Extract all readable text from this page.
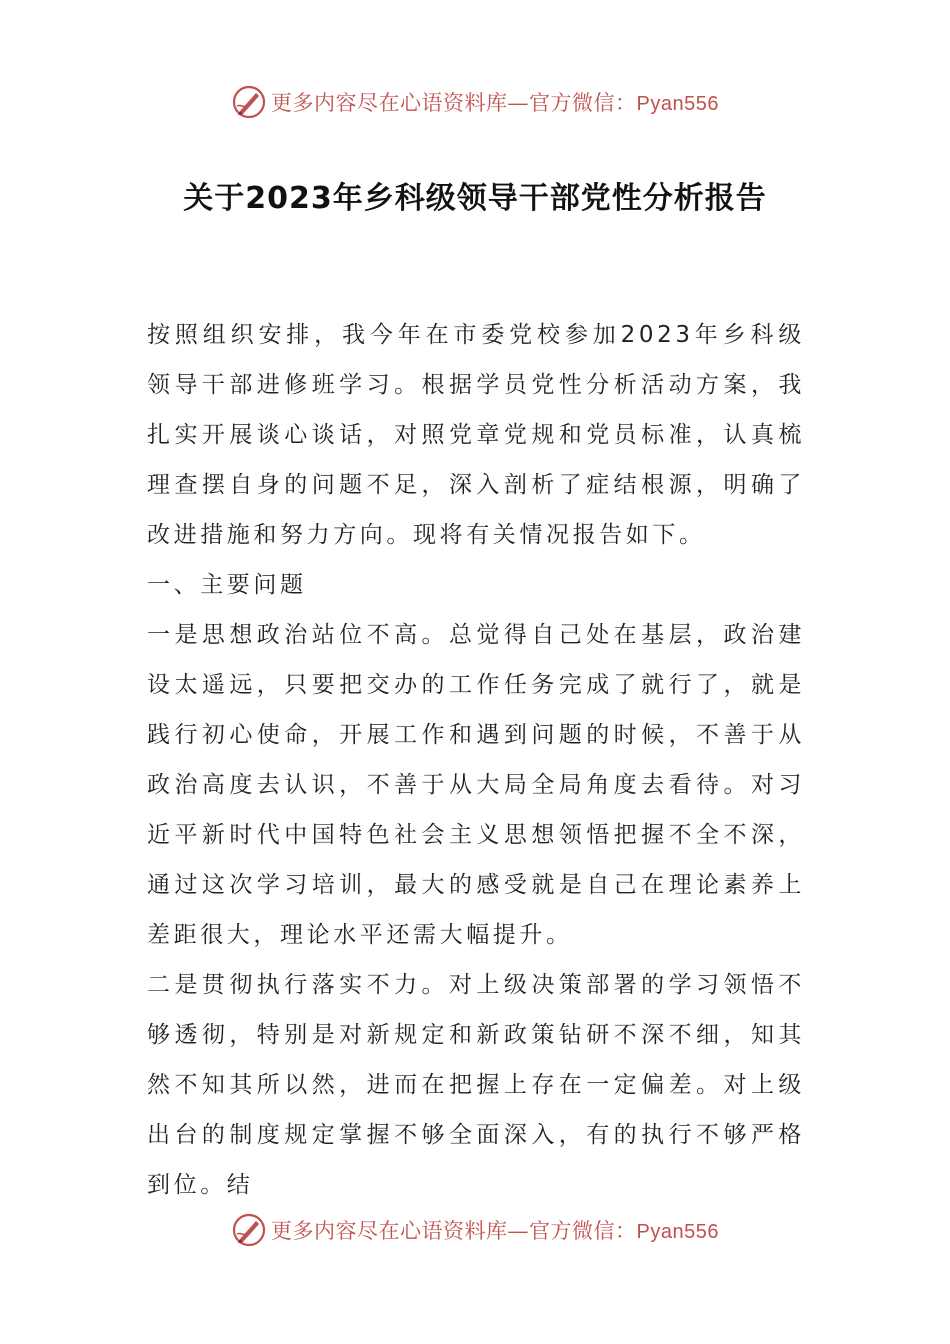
更多内容尽在心语资料库—官方微信：Pyan556
关于2023年乡科级领导干部党性分析报告

按照组织安排，我今年在市委党校参加2023年乡科级领导干部进修班学习。根据学员党性分析活动方案，我扎实开展谈心谈话，对照党章党规和党员标准，认真梳理查摆自身的问题不足，深入剖析了症结根源，明确了改进措施和努力方向。现将有关情况报告如下。

一、主要问题

一是思想政治站位不高。总觉得自己处在基层，政治建设太遥远，只要把交办的工作任务完成了就行了，就是践行初心使命，开展工作和遇到问题的时候，不善于从政治高度去认识，不善于从大局全局角度去看待。对习近平新时代中国特色社会主义思想领悟把握不全不深，通过这次学习培训，最大的感受就是自己在理论素养上差距很大，理论水平还需大幅提升。

二是贯彻执行落实不力。对上级决策部署的学习领悟不够透彻，特别是对新规定和新政策钻研不深不细，知其然不知其所以然，进而在把握上存在一定偏差。对上级出台的制度规定掌握不够全面深入，有的执行不够严格到位。结

更多内容尽在心语资料库—官方微信：Pyan556
